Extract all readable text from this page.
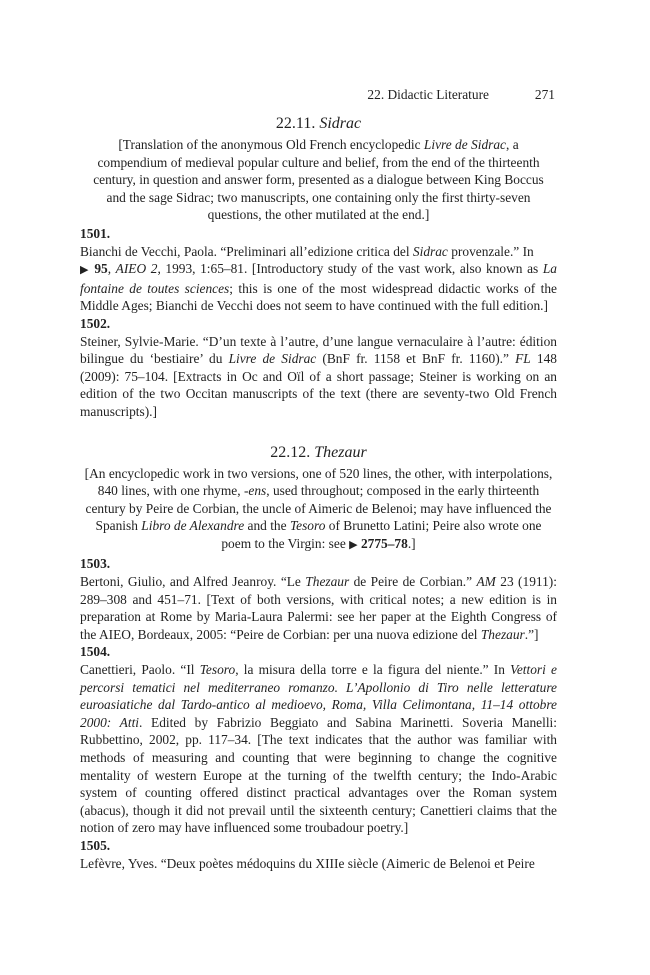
22. Didactic Literature	271
22.11. Sidrac

[Translation of the anonymous Old French encyclopedic Livre de Sidrac, a compendium of medieval popular culture and belief, from the end of the thirteenth century, in question and answer form, presented as a dialogue between King Boccus and the sage Sidrac; two manuscripts, one containing only the first thirty-seven questions, the other mutilated at the end.]

1501.

Bianchi de Vecchi, Paola. “Preliminari all’edizione critica del Sidrac provenzale.” In
▶ 95, AIEO 2, 1993, 1:65–81. [Introductory study of the vast work, also known as La fontaine de toutes sciences; this is one of the most widespread didactic works of the Middle Ages; Bianchi de Vecchi does not seem to have continued with the full edition.]

1502.

Steiner, Sylvie-Marie. “D’un texte à l’autre, d’une langue vernaculaire à l’autre: édition bilingue du ‘bestiaire’ du Livre de Sidrac (BnF fr. 1158 et BnF fr. 1160).” FL 148 (2009): 75–104. [Extracts in Oc and Oïl of a short passage; Steiner is working on an edition of the two Occitan manuscripts of the text (there are seventy-two Old French manuscripts).]

22.12. Thezaur

[An encyclopedic work in two versions, one of 520 lines, the other, with interpolations, 840 lines, with one rhyme, -ens, used throughout; composed in the early thirteenth century by Peire de Corbian, the uncle of Aimeric de Belenoi; may have influenced the Spanish Libro de Alexandre and the Tesoro of Brunetto Latini; Peire also wrote one poem to the Virgin: see ▶ 2775–78.]

1503.

Bertoni, Giulio, and Alfred Jeanroy. “Le Thezaur de Peire de Corbian.” AM 23 (1911): 289–308 and 451–71. [Text of both versions, with critical notes; a new edition is in preparation at Rome by Maria-Laura Palermi: see her paper at the Eighth Congress of the AIEO, Bordeaux, 2005: “Peire de Corbian: per una nuova edizione del Thezaur.”]

1504.

Canettieri, Paolo. “Il Tesoro, la misura della torre e la figura del niente.” In Vettori e percorsi tematici nel mediterraneo romanzo. L’Apollonio di Tiro nelle letterature euroasiatiche dal Tardo-antico al medioevo, Roma, Villa Celimontana, 11–14 ottobre 2000: Atti. Edited by Fabrizio Beggiato and Sabina Marinetti. Soveria Manelli: Rubbettino, 2002, pp. 117–34. [The text indicates that the author was familiar with methods of measuring and counting that were beginning to change the cognitive mentality of western Europe at the turning of the twelfth century; the Indo-Arabic system of counting offered distinct practical advantages over the Roman system (abacus), though it did not prevail until the sixteenth century; Canettieri claims that the notion of zero may have influenced some troubadour poetry.]

1505.

Lefèvre, Yves. “Deux poètes médoquins du XIIIe siècle (Aimeric de Belenoi et Peire
